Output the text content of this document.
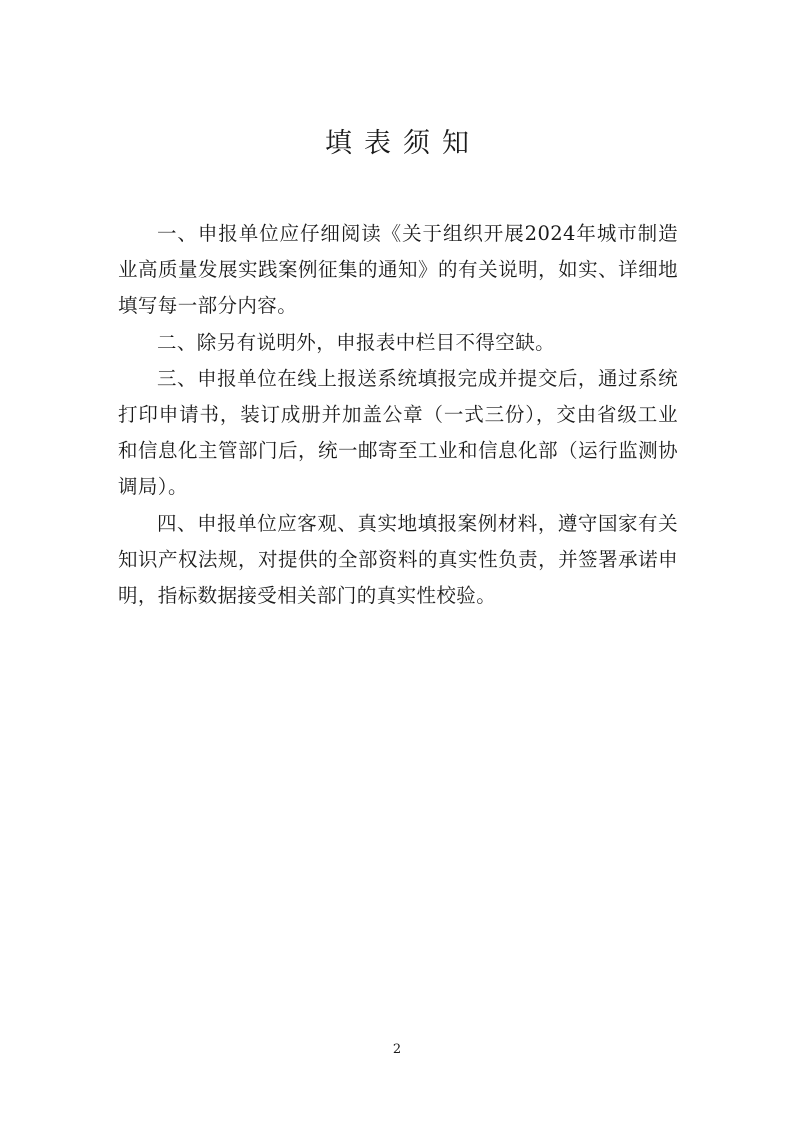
填表须知

一、申报单位应仔细阅读《关于组织开展2024年城市制造业高质量发展实践案例征集的通知》的有关说明，如实、详细地填写每一部分内容。

二、除另有说明外，申报表中栏目不得空缺。

三、申报单位在线上报送系统填报完成并提交后，通过系统打印申请书，装订成册并加盖公章（一式三份），交由省级工业和信息化主管部门后，统一邮寄至工业和信息化部（运行监测协调局）。

四、申报单位应客观、真实地填报案例材料，遵守国家有关知识产权法规，对提供的全部资料的真实性负责，并签署承诺申明，指标数据接受相关部门的真实性校验。

2
